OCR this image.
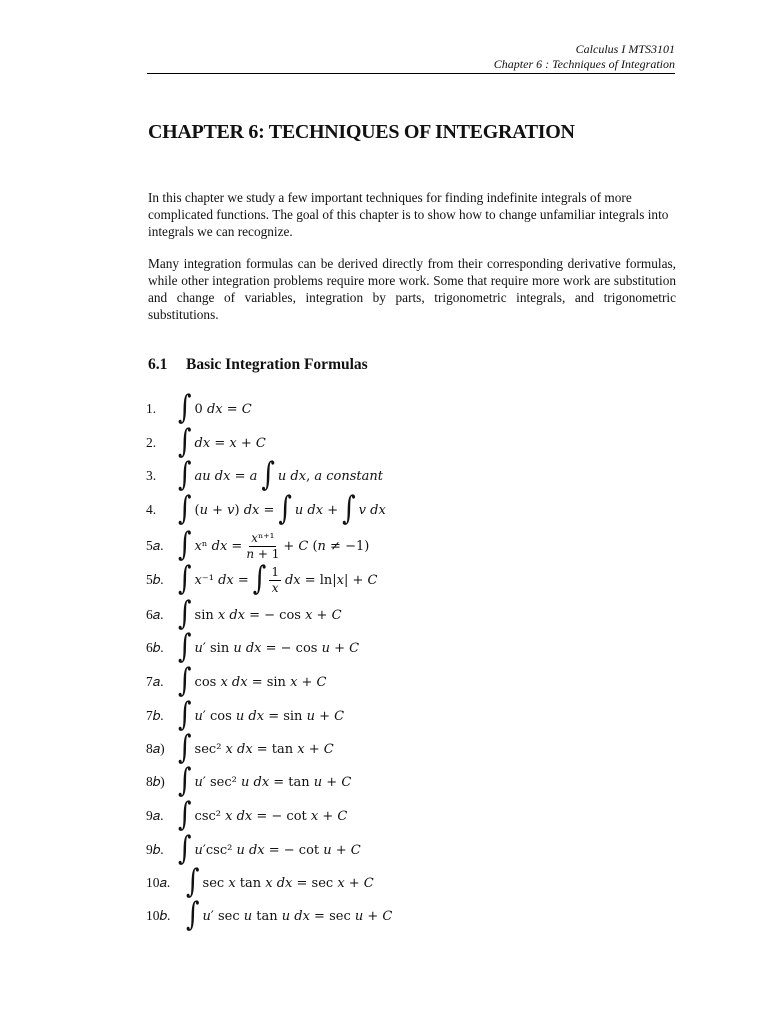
Calculus I MTS3101
Chapter 6 : Techniques of Integration
CHAPTER 6: TECHNIQUES OF INTEGRATION

In this chapter we study a few important techniques for finding indefinite integrals of more complicated functions. The goal of this chapter is to show how to change unfamiliar integrals into integrals we can recognize.

Many integration formulas can be derived directly from their corresponding derivative formulas, while other integration problems require more work. Some that require more work are substitution and change of variables, integration by parts, trigonometric integrals, and trigonometric substitutions.

6.1 Basic Integration Formulas
1. ∫ 0 𝑑𝑥 = 𝐶
2. ∫ 𝑑𝑥 = 𝑥 + 𝐶
3. ∫ 𝑎𝑢 𝑑𝑥 = 𝑎 ∫ 𝑢 𝑑𝑥, 𝑎 𝑐𝑜𝑛𝑠𝑡𝑎𝑛𝑡
4. ∫ (𝑢 + 𝑣) 𝑑𝑥 = ∫ 𝑢 𝑑𝑥 + ∫ 𝑣 𝑑𝑥
5𝑎. ∫ 𝑥ⁿ 𝑑𝑥 = $\frac{\text{𝑥ⁿ⁺¹}}{\text{𝑛 + 1}}$ + 𝐶 (𝑛 ≠ −1)
5𝑏. ∫ 𝑥⁻¹ 𝑑𝑥 = ∫ $\frac{1}{\text{𝑥}}$ 𝑑𝑥 = ln|𝑥| + 𝐶
6𝑎. ∫ sin 𝑥 𝑑𝑥 = − cos 𝑥 + 𝐶
6𝑏. ∫ 𝑢′ sin 𝑢 𝑑𝑥 = − cos 𝑢 + 𝐶
7𝑎. ∫ cos 𝑥 𝑑𝑥 = sin 𝑥 + 𝐶
7𝑏. ∫ 𝑢′ cos 𝑢 𝑑𝑥 = sin 𝑢 + 𝐶
8𝑎) ∫ sec² 𝑥 𝑑𝑥 = tan 𝑥 + 𝐶
8𝑏) ∫ 𝑢′ sec² 𝑢 𝑑𝑥 = tan 𝑢 + 𝐶
9𝑎. ∫ csc² 𝑥 𝑑𝑥 = − cot 𝑥 + 𝐶
9𝑏. ∫ 𝑢′csc² 𝑢 𝑑𝑥 = − cot 𝑢 + 𝐶
10𝑎. ∫ sec 𝑥 tan 𝑥 𝑑𝑥 = sec 𝑥 + 𝐶
10𝑏. ∫ 𝑢′ sec 𝑢 tan 𝑢 𝑑𝑥 = sec 𝑢 + 𝐶
